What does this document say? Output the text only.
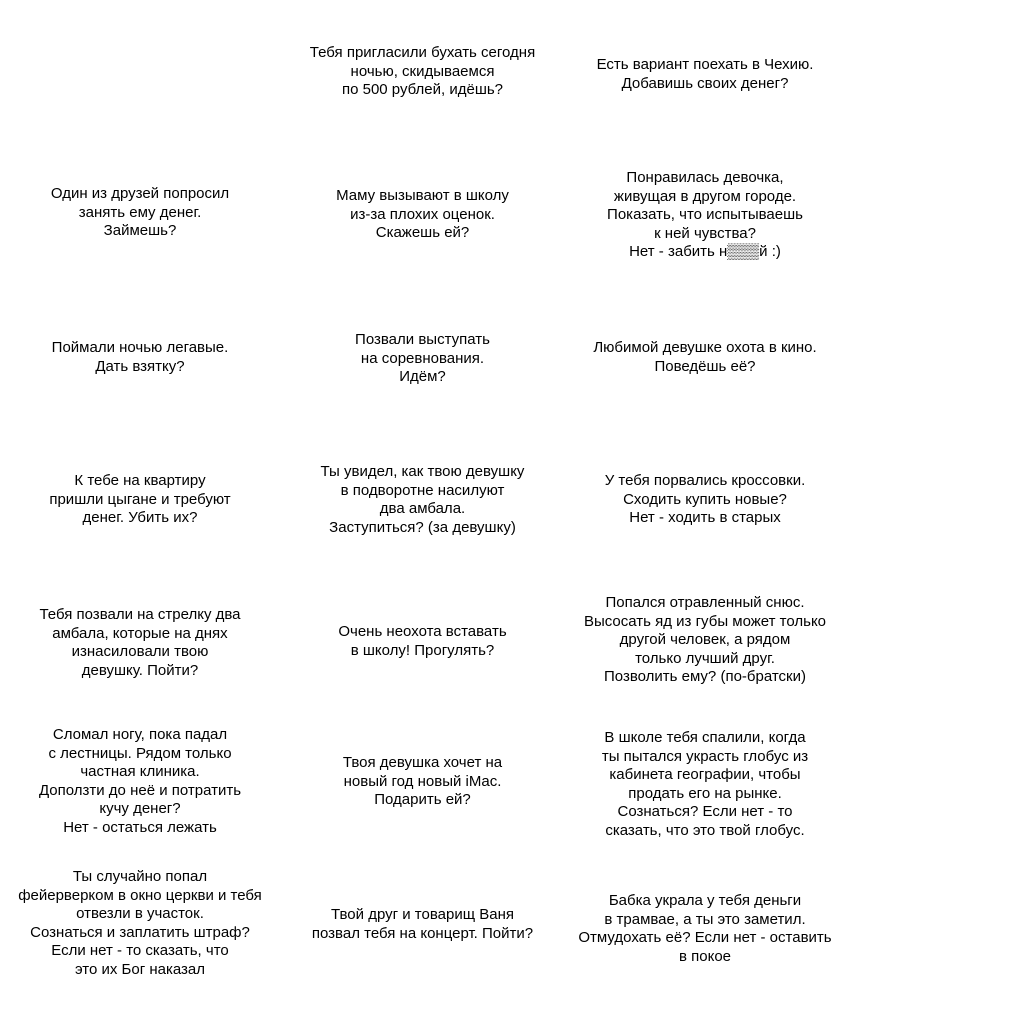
Тебя пригласили бухать сегодня
ночью, скидываемся
по 500 рублей, идёшь?
Есть вариант поехать в Чехию.
Добавишь своих денег?
Один из друзей попросил
занять ему денег.
Займешь?
Маму вызывают в школу
из-за плохих оценок.
Скажешь ей?
Понравилась девочка,
живущая в другом городе.
Показать, что испытываешь
к ней чувства?
Нет - забить н▒▒▒й :)
Поймали ночью легавые.
Дать взятку?
Позвали выступать
на соревнования.
Идём?
Любимой девушке охота в кино.
Поведёшь её?
К тебе на квартиру
пришли цыгане и требуют
денег. Убить их?
Ты увидел, как твою девушку
в подворотне насилуют
два амбала.
Заступиться? (за девушку)
У тебя порвались кроссовки.
Сходить купить новые?
Нет - ходить в старых
Тебя позвали на стрелку два
амбала, которые на днях
изнасиловали твою
девушку. Пойти?
Очень неохота вставать
в школу! Прогулять?
Попался отравленный снюс.
Высосать яд из губы может только
другой человек, а рядом
только лучший друг.
Позволить ему? (по-братски)
Сломал ногу, пока падал
с лестницы. Рядом только
частная клиника.
Доползти до неё и потратить
кучу денег?
Нет - остаться лежать
Твоя девушка хочет на
новый год новый iMac.
Подарить ей?
В школе тебя спалили, когда
ты пытался украсть глобус из
кабинета географии, чтобы
продать его на рынке.
Сознаться? Если нет - то
сказать, что это твой глобус.
Ты случайно попал
фейерверком в окно церкви и тебя
отвезли в участок.
Сознаться и заплатить штраф?
Если нет - то сказать, что
это их Бог наказал
Твой друг и товарищ Ваня
позвал тебя на концерт. Пойти?
Бабка украла у тебя деньги
в трамвае, а ты это заметил.
Отмудохать её? Если нет - оставить
в покое
